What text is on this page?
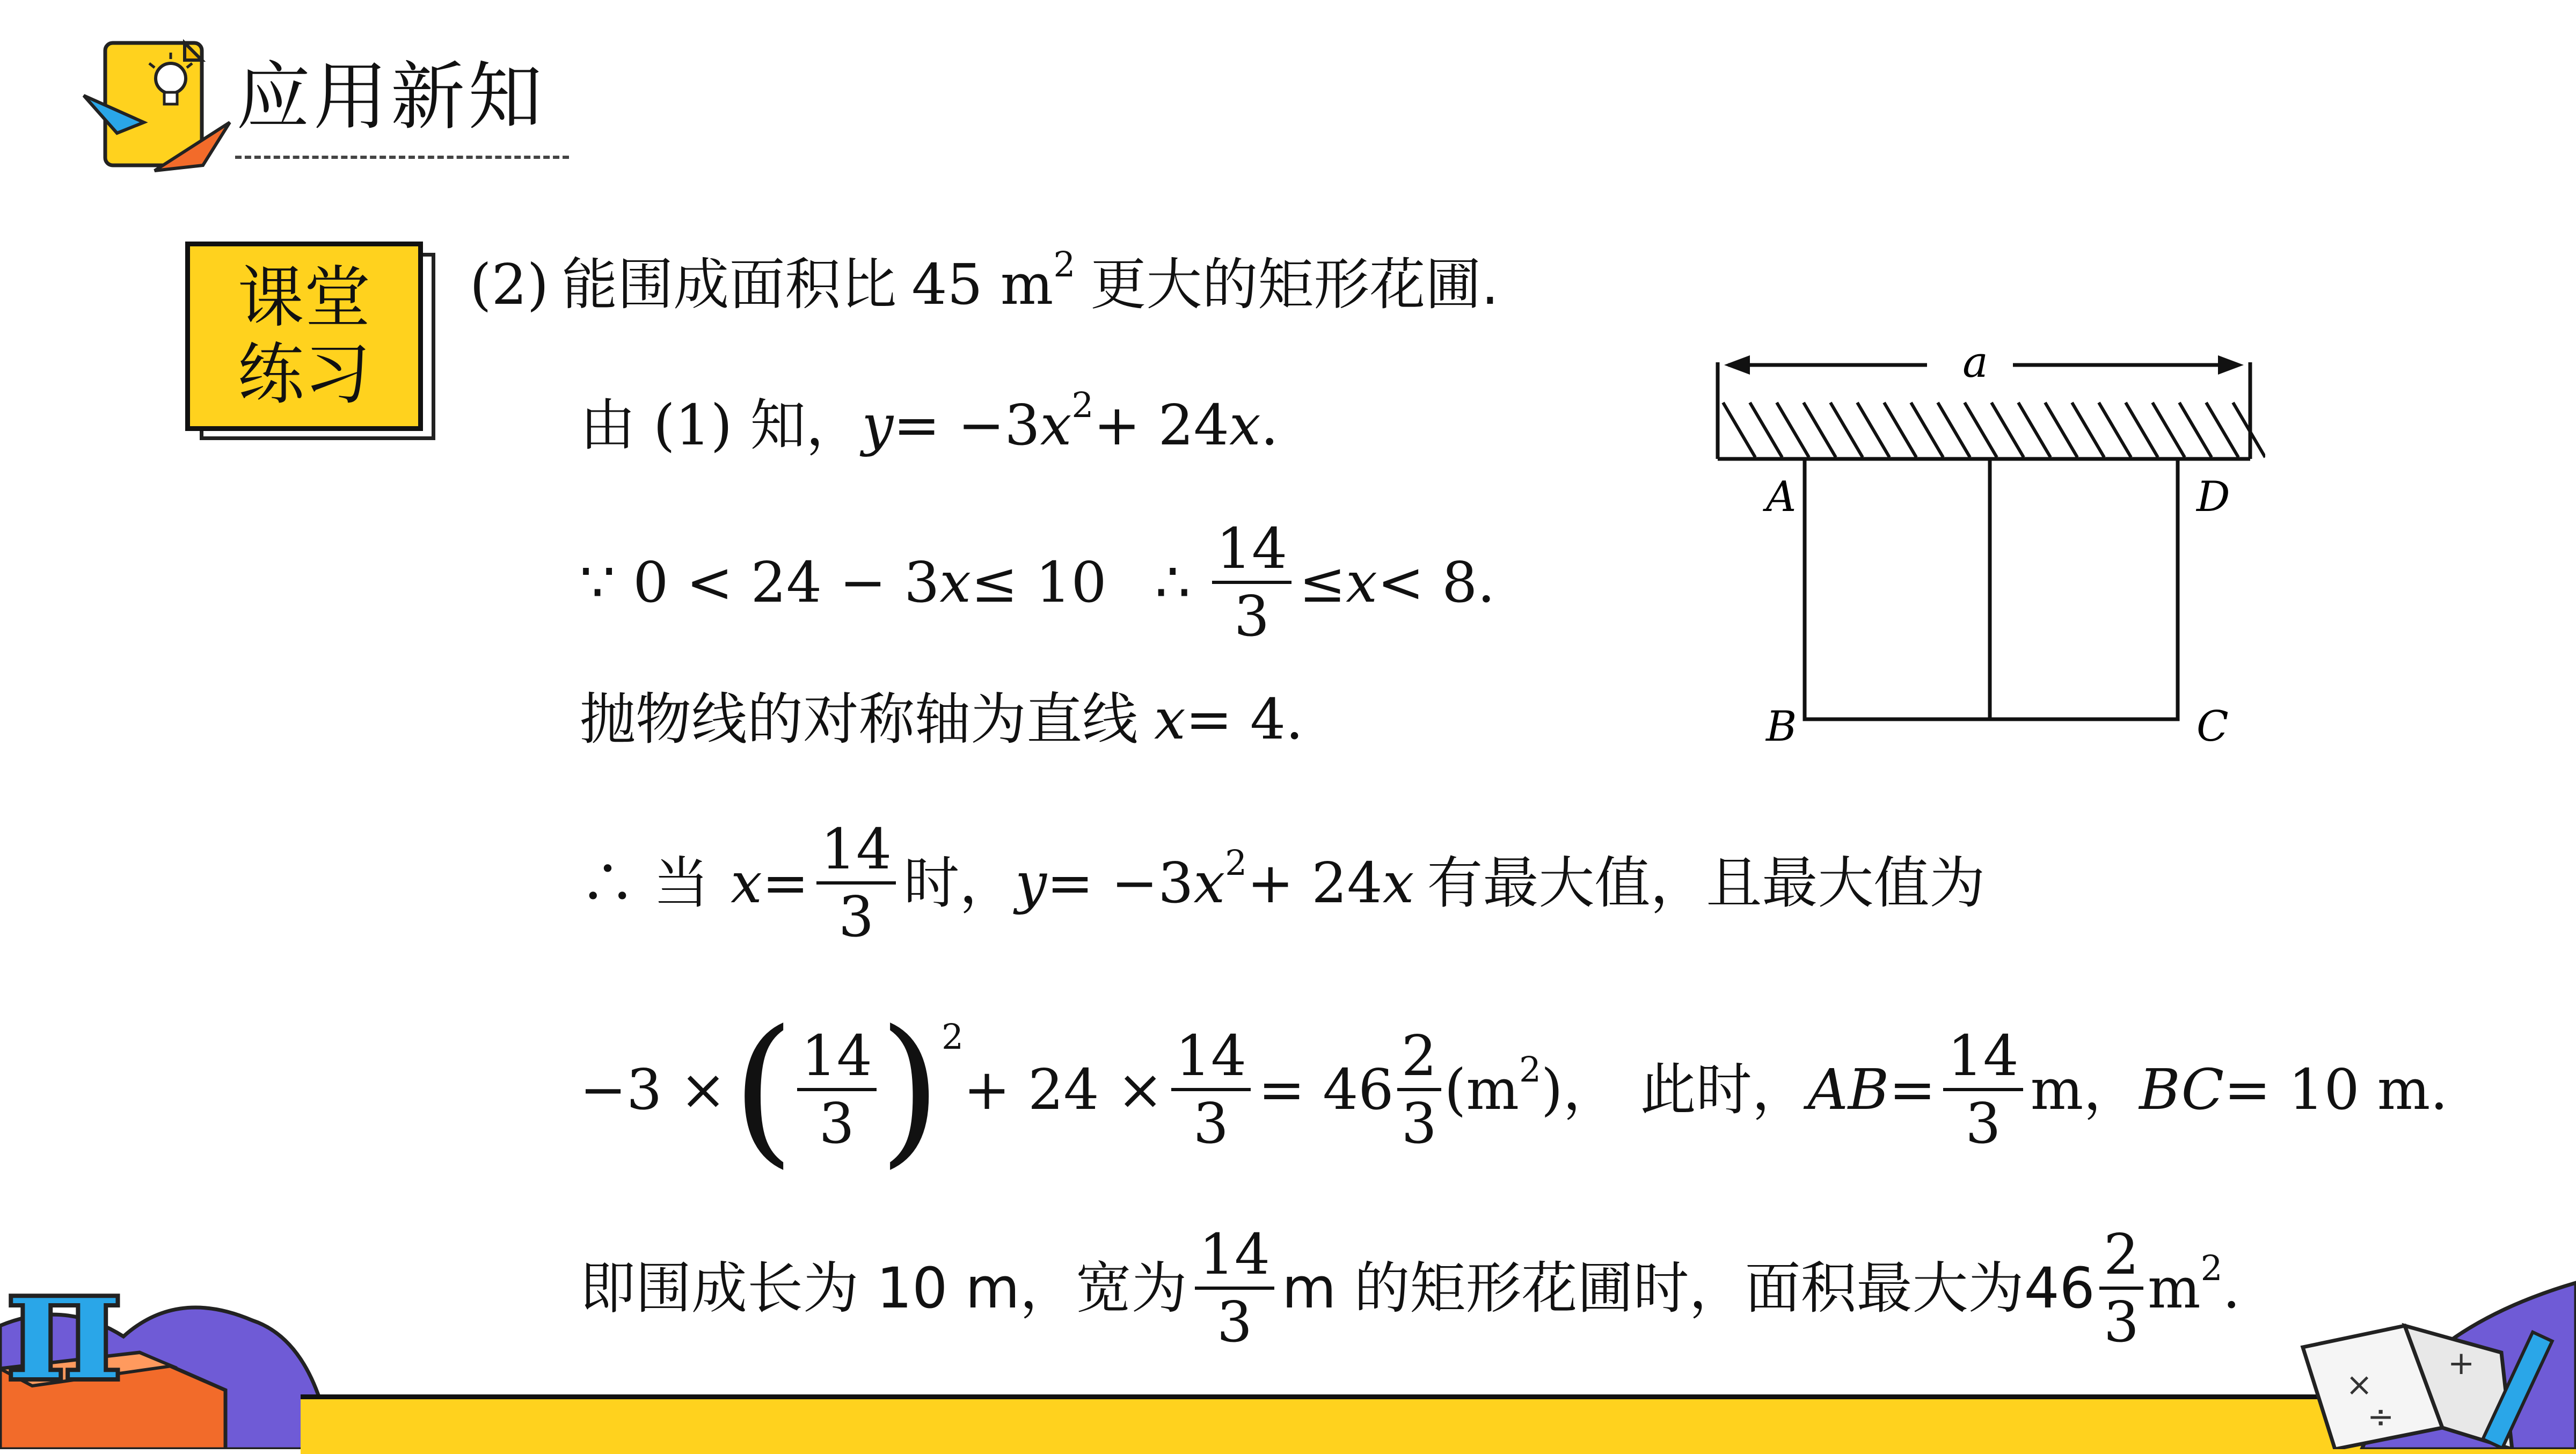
应用新知
课堂
练习
(2) 能围成面积比 45 $m^2$ 更大的矩形花圃.
由 (1) 知， y = −3 $x^2 + 24$ x .
∵ 0 < 24 − 3 x ≤ 10 ∴ $\frac{14}{3} \le x < 8$.
抛物线的对称轴为直线 x = 4.
∴ 当 $x = \frac{14}{3}$ 时， y = −3 $x^2 + 24$ x 有最大值，且最大值为
−3 × ( $\frac{14}{3} )^2$
+ $24 \times \frac{14}{3} = 46 \frac{2}{3} (m^2$ )， 此时， AB = $\frac{14}{3}$ m， BC = 10 m.
即围成长为 10 m，宽为 $\frac{14}{3}$ m 的矩形花圃时，面积最大为$46 \frac{2}{3} m^2$ .
a
A	D
B	C
π	×
÷
+
